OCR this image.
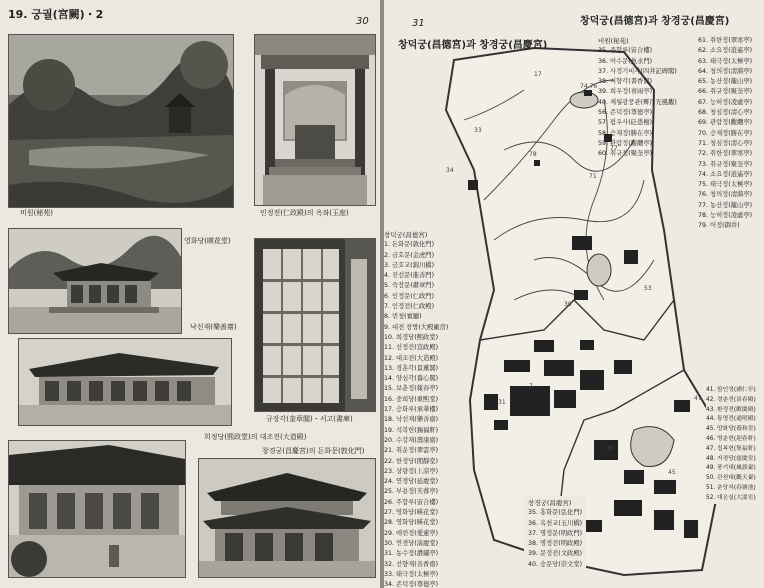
19. 궁궐(宮闕)・2
30
비원(秘苑)	인정전(仁政殿)의 옥좌(玉座)
영화당(暎花堂)
규장각(奎章閣)・서고(書庫)
낙선재(樂善齋)
희정당(熙政堂)의 대조전(大造殿)
창경궁(昌慶宮)의 돈화문(敦化門)
31	창덕궁(昌德宮)과 창경궁(昌慶宮)
34
33
17
74 76
77
78
71
7
31
39
53
47
36
45
창덕궁(昌德宮)과 창경궁(昌慶宮)
창덕궁(昌德宮)
1. 돈화문(敦化門)
2. 금호문(金虎門)
3. 금호교(錦川橋)
4. 진선문(進善門)
5. 숙장문(肅章門)
6. 인정문(仁政門)
7. 인정전(仁政殿)
8. 빈청(賓廳)
9. 대전 창방(大殿廠房)
10. 희정당(熙政堂)
11. 선정전(宣政殿)
12. 대조전(大造殿)
13. 경훈각(景薰閣)
14. 양심각(養心閣)
15. 보춘정(報春亭)
16. 중희당(重熙堂)
17. 승화루(承華樓)
18. 낙선재(樂善齋)
19. 석복헌(錫福軒)
20. 수강재(壽康齋)
21. 취운정(翠雲亭)
22. 한정당(閒靜堂)
23. 상량정(上凉亭)
24. 연경당(延慶堂)
25. 부용정(芙蓉亭)
26. 주합루(宙合樓)
27. 영화당(暎花堂)
28. 영화당(暎花堂)
29. 애련정(愛蓮亭)
30. 연경당(演慶堂)
31. 농수정(濃繡亭)
32. 선향재(善香齋)
33. 태극정(太極亭)
34. 존덕정(尊德亭)
비원(秘苑)
35. 주합루(宙合樓)
36. 어수문(魚水門)
37. 사정기비각(四井記碑閣)
38. 서향각(書香閣)
39. 희우정(喜雨亭)
40. 제월광풍관(霽月光風觀)
56. 존덕정(尊德亭)
57. 폄우사(砭愚榭)
58. 승재정(勝在亭)
59. 관람정(觀纜亭)
60. 취규정(聚奎亭)
61. 취한정(翠寒亭)
62. 소요정(逍遙亭)
63. 태극정(太極亭)
64. 청의정(淸漪亭)
65. 농산정(籠山亭)
66. 취규정(聚奎亭)
67. 능허정(凌虛亭)
68. 청심정(淸心亭)
69. 관람정(觀纜亭)
70. 승재정(勝在亭)
71. 청심정(淸心亭)
72. 취한정(翠寒亭)
73. 취규정(聚奎亭)
74. 소요정(逍遙亭)
75. 태극정(太極亭)
76. 청의정(淸漪亭)
77. 농산정(籠山亭)
78. 능허정(凌虛亭)
79. 어정(御井)
창경궁(昌慶宮)
35. 홍화문(弘化門)
36. 옥천교(玉川橋)
37. 명정문(明政門)
38. 명정전(明政殿)
39. 문정전(文政殿)
40. 숭문당(崇文堂)
41. 함인정(涵仁亭)
42. 경춘전(景春殿)
43. 환경전(歡慶殿)
44. 통명전(通明殿)
45. 양화당(養和堂)
46. 영춘헌(迎春軒)
47. 집복헌(集福軒)
48. 자경당(慈慶堂)
49. 풍기대(風旗臺)
50. 관천대(觀天臺)
51. 춘당지(春塘池)
52. 대온실(大溫室)
